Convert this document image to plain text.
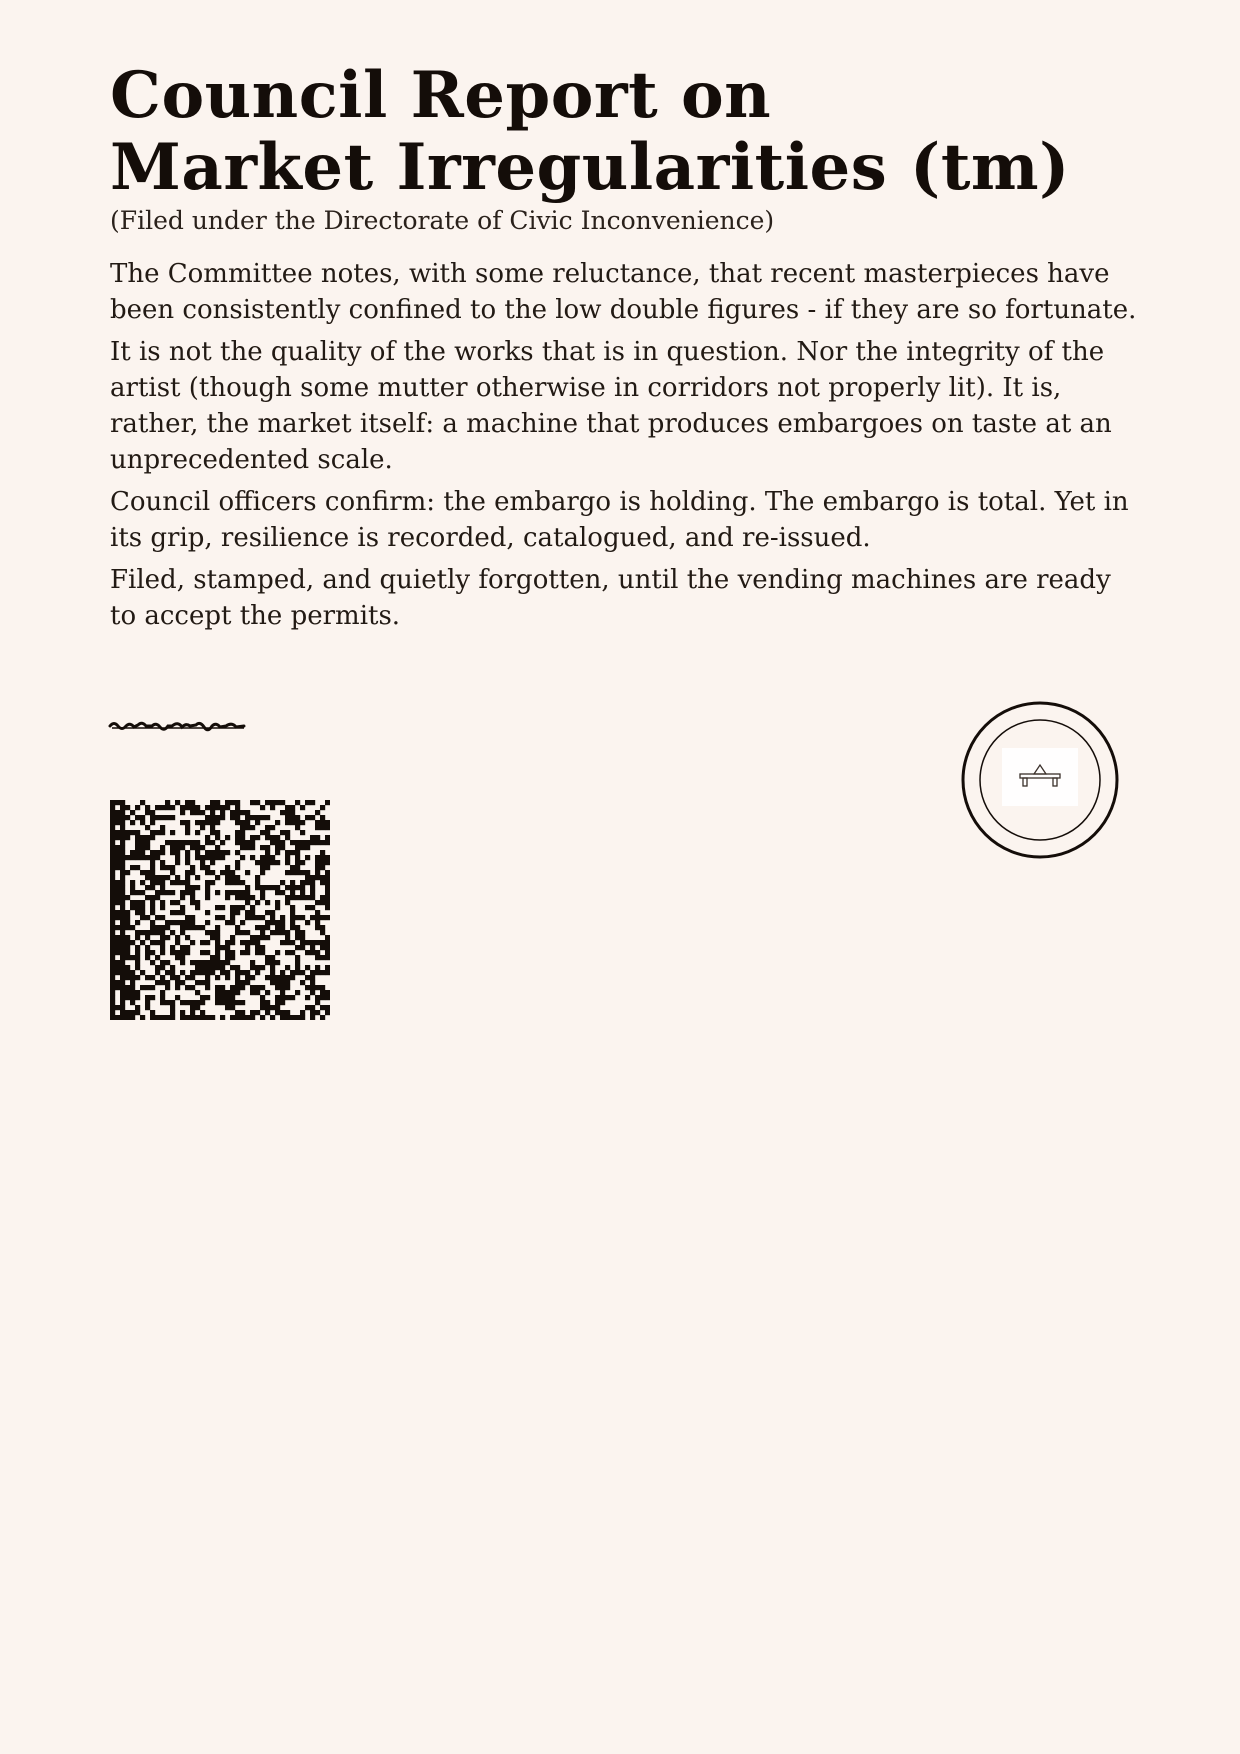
Council Report on
Market Irregularities (tm)
(Filed under the Directorate of Civic Inconvenience)

The Committee notes, with some reluctance, that recent masterpieces have been consistently confined to the low double figures - if they are so fortunate.

It is not the quality of the works that is in question. Nor the integrity of the artist (though some mutter otherwise in corridors not properly lit). It is, rather, the market itself: a machine that produces embargoes on taste at an unprecedented scale.

Council officers confirm: the embargo is holding. The embargo is total. Yet in its grip, resilience is recorded, catalogued, and re-issued.

Filed, stamped, and quietly forgotten, until the vending machines are ready to accept the permits.
